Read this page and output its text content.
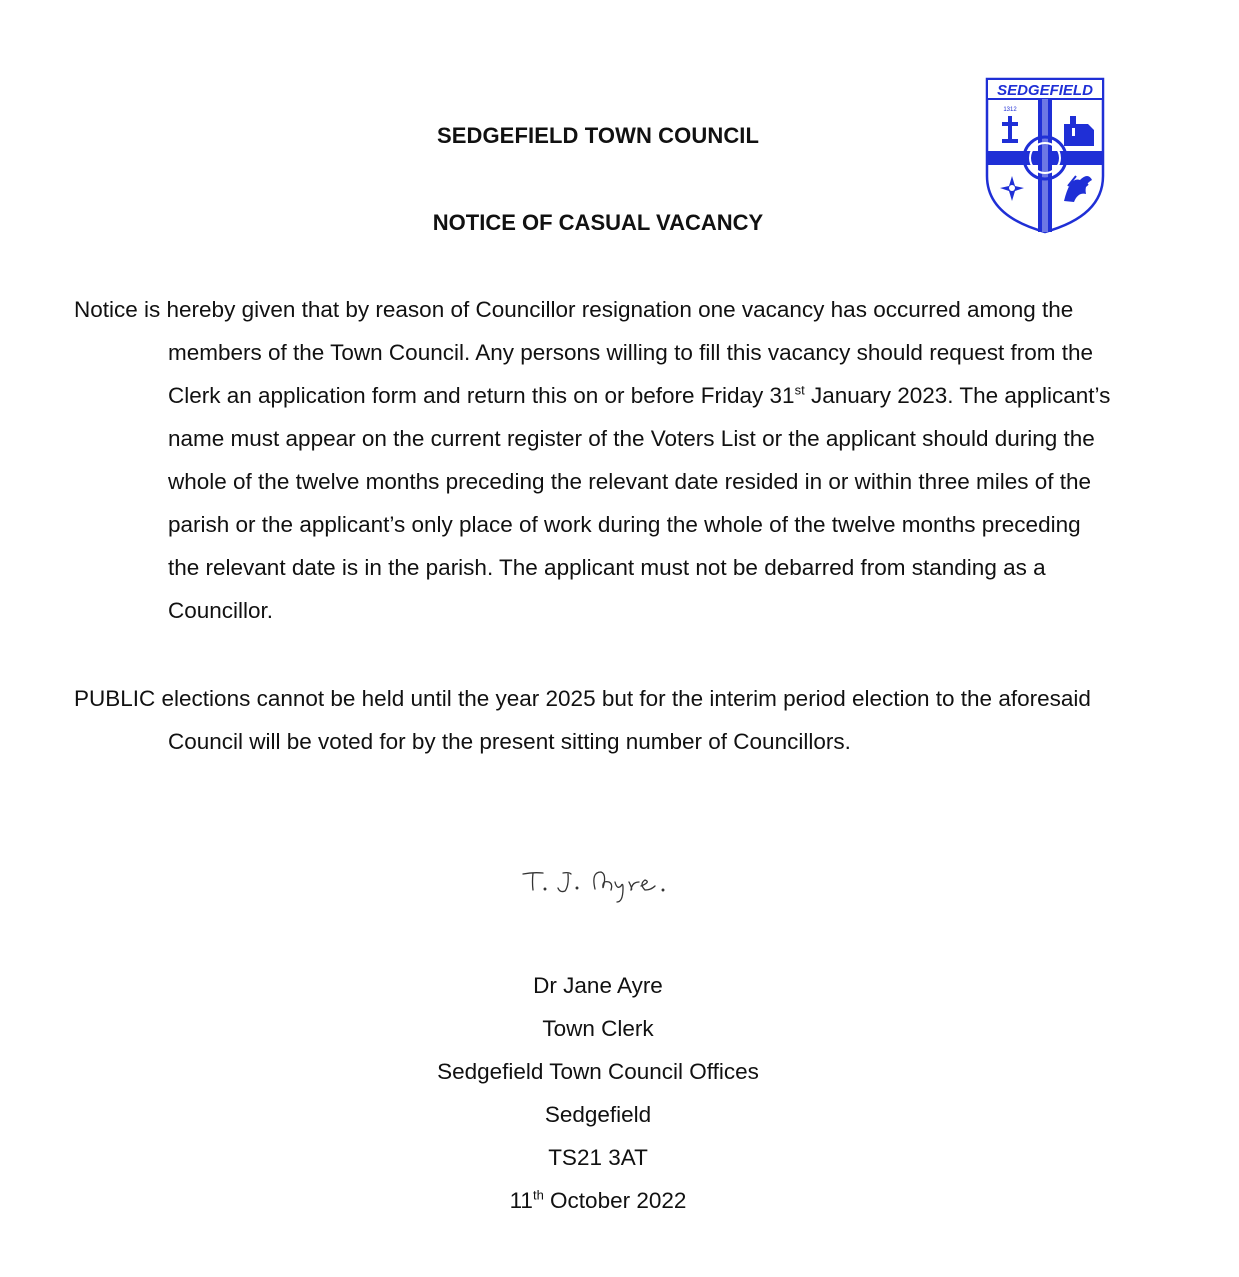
SEDGEFIELD TOWN COUNCIL
NOTICE OF CASUAL VACANCY
SEDGEFIELD
1312

Notice is hereby given that by reason of Councillor resignation one vacancy has occurred among the members of the Town Council. Any persons willing to fill this vacancy should request from the Clerk an application form and return this on or before Friday 31st January 2023. The applicant’s name must appear on the current register of the Voters List or the applicant should during the whole of the twelve months preceding the relevant date resided in or within three miles of the parish or the applicant’s only place of work during the whole of the twelve months preceding the relevant date is in the parish. The applicant must not be debarred from standing as a Councillor.

PUBLIC elections cannot be held until the year 2025 but for the interim period election to the aforesaid Council will be voted for by the present sitting number of Councillors.

Dr Jane Ayre
Town Clerk
Sedgefield Town Council Offices
Sedgefield
TS21 3AT
11th October 2022
